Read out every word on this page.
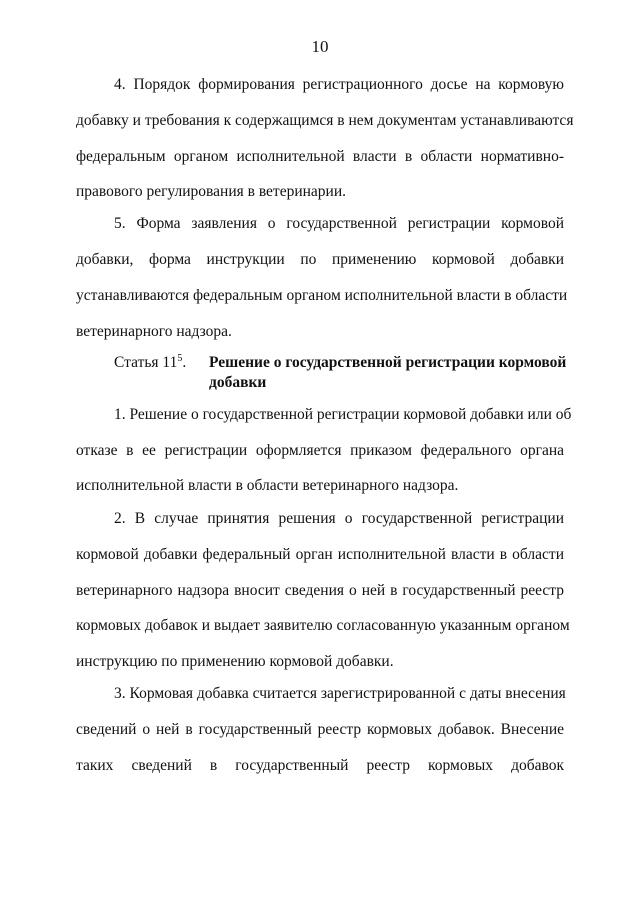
10
4. Порядок формирования регистрационного досье на кормовую
добавку и требования к содержащимся в нем документам устанавливаются
федеральным органом исполнительной власти в области нормативно-
правового регулирования в ветеринарии.
5. Форма заявления о государственной регистрации кормовой
добавки, форма инструкции по применению кормовой добавки
устанавливаются федеральным органом исполнительной власти в области
ветеринарного надзора.
Статья $11^5$. Решение о государственной регистрации кормовой
добавки
1. Решение о государственной регистрации кормовой добавки или об
отказе в ее регистрации оформляется приказом федерального органа
исполнительной власти в области ветеринарного надзора.
2. В случае принятия решения о государственной регистрации
кормовой добавки федеральный орган исполнительной власти в области
ветеринарного надзора вносит сведения о ней в государственный реестр
кормовых добавок и выдает заявителю согласованную указанным органом
инструкцию по применению кормовой добавки.
3. Кормовая добавка считается зарегистрированной с даты внесения
сведений о ней в государственный реестр кормовых добавок. Внесение
таких сведений в государственный реестр кормовых добавок
